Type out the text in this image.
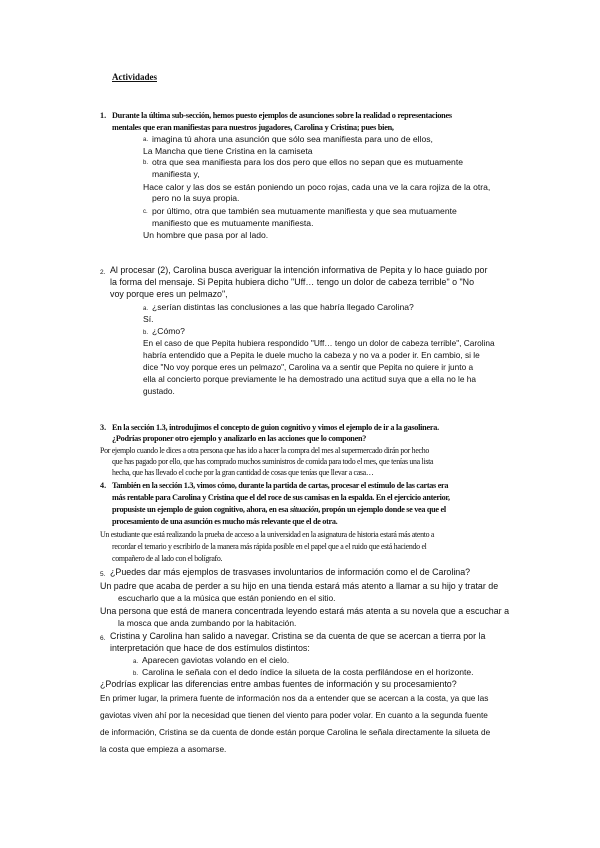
Actividades
1. Durante la última sub-sección, hemos puesto ejemplos de asunciones sobre la realidad o representaciones
mentales que eran manifiestas para nuestros jugadores, Carolina y Cristina; pues bien,
a. imagina tú ahora una asunción que sólo sea manifiesta para uno de ellos,
La Mancha que tiene Cristina en la camiseta
b. otra que sea manifiesta para los dos pero que ellos no sepan que es mutuamente
manifiesta y,
Hace calor y las dos se están poniendo un poco rojas, cada una ve la cara rojiza de la otra,
pero no la suya propia.
c. por último, otra que también sea mutuamente manifiesta y que sea mutuamente
manifiesto que es mutuamente manifiesta.
Un hombre que pasa por al lado.
2. Al procesar (2), Carolina busca averiguar la intención informativa de Pepita y lo hace guiado por
la forma del mensaje. Si Pepita hubiera dicho "Uff… tengo un dolor de cabeza terrible" o "No
voy porque eres un pelmazo",
a. ¿serían distintas las conclusiones a las que habría llegado Carolina?
Sí.
b. ¿Cómo?
En el caso de que Pepita hubiera respondido "Uff… tengo un dolor de cabeza terrible", Carolina
habría entendido que a Pepita le duele mucho la cabeza y no va a poder ir. En cambio, si le
dice "No voy porque eres un pelmazo", Carolina va a sentir que Pepita no quiere ir junto a
ella al concierto porque previamente le ha demostrado una actitud suya que a ella no le ha
gustado.
3. En la sección 1.3, introdujimos el concepto de guion cognitivo y vimos el ejemplo de ir a la gasolinera.
¿Podrías proponer otro ejemplo y analizarlo en las acciones que lo componen?
Por ejemplo cuando le dices a otra persona que has ido a hacer la compra del mes al supermercado dirán por hecho
que has pagado por ello, que has comprado muchos suministros de comida para todo el mes, que tenías una lista
hecha, que has llevado el coche por la gran cantidad de cosas que tenías que llevar a casa…
4. También en la sección 1.3, vimos cómo, durante la partida de cartas, procesar el estímulo de las cartas era
más rentable para Carolina y Cristina que el del roce de sus camisas en la espalda. En el ejercicio anterior,
propusiste un ejemplo de guion cognitivo, ahora, en esa situación, propón un ejemplo donde se vea que el
procesamiento de una asunción es mucho más relevante que el de otra.
Un estudiante que está realizando la prueba de acceso a la universidad en la asignatura de historia estará más atento a
recordar el temario y escribirlo de la manera más rápida posible en el papel que a el ruido que está haciendo el
compañero de al lado con el bolígrafo.
5. ¿Puedes dar más ejemplos de trasvases involuntarios de información como el de Carolina?
Un padre que acaba de perder a su hijo en una tienda estará más atento a llamar a su hijo y tratar de
escucharlo que a la música que están poniendo en el sitio.
Una persona que está de manera concentrada leyendo estará más atenta a su novela que a escuchar a
la mosca que anda zumbando por la habitación.
6. Cristina y Carolina han salido a navegar. Cristina se da cuenta de que se acercan a tierra por la
interpretación que hace de dos estímulos distintos:
a. Aparecen gaviotas volando en el cielo.
b. Carolina le señala con el dedo índice la silueta de la costa perfilándose en el horizonte.
¿Podrías explicar las diferencias entre ambas fuentes de información y su procesamiento?
En primer lugar, la primera fuente de información nos da a entender que se acercan a la costa, ya que las
gaviotas viven ahí por la necesidad que tienen del viento para poder volar. En cuanto a la segunda fuente
de información, Cristina se da cuenta de donde están porque Carolina le señala directamente la silueta de
la costa que empieza a asomarse.
